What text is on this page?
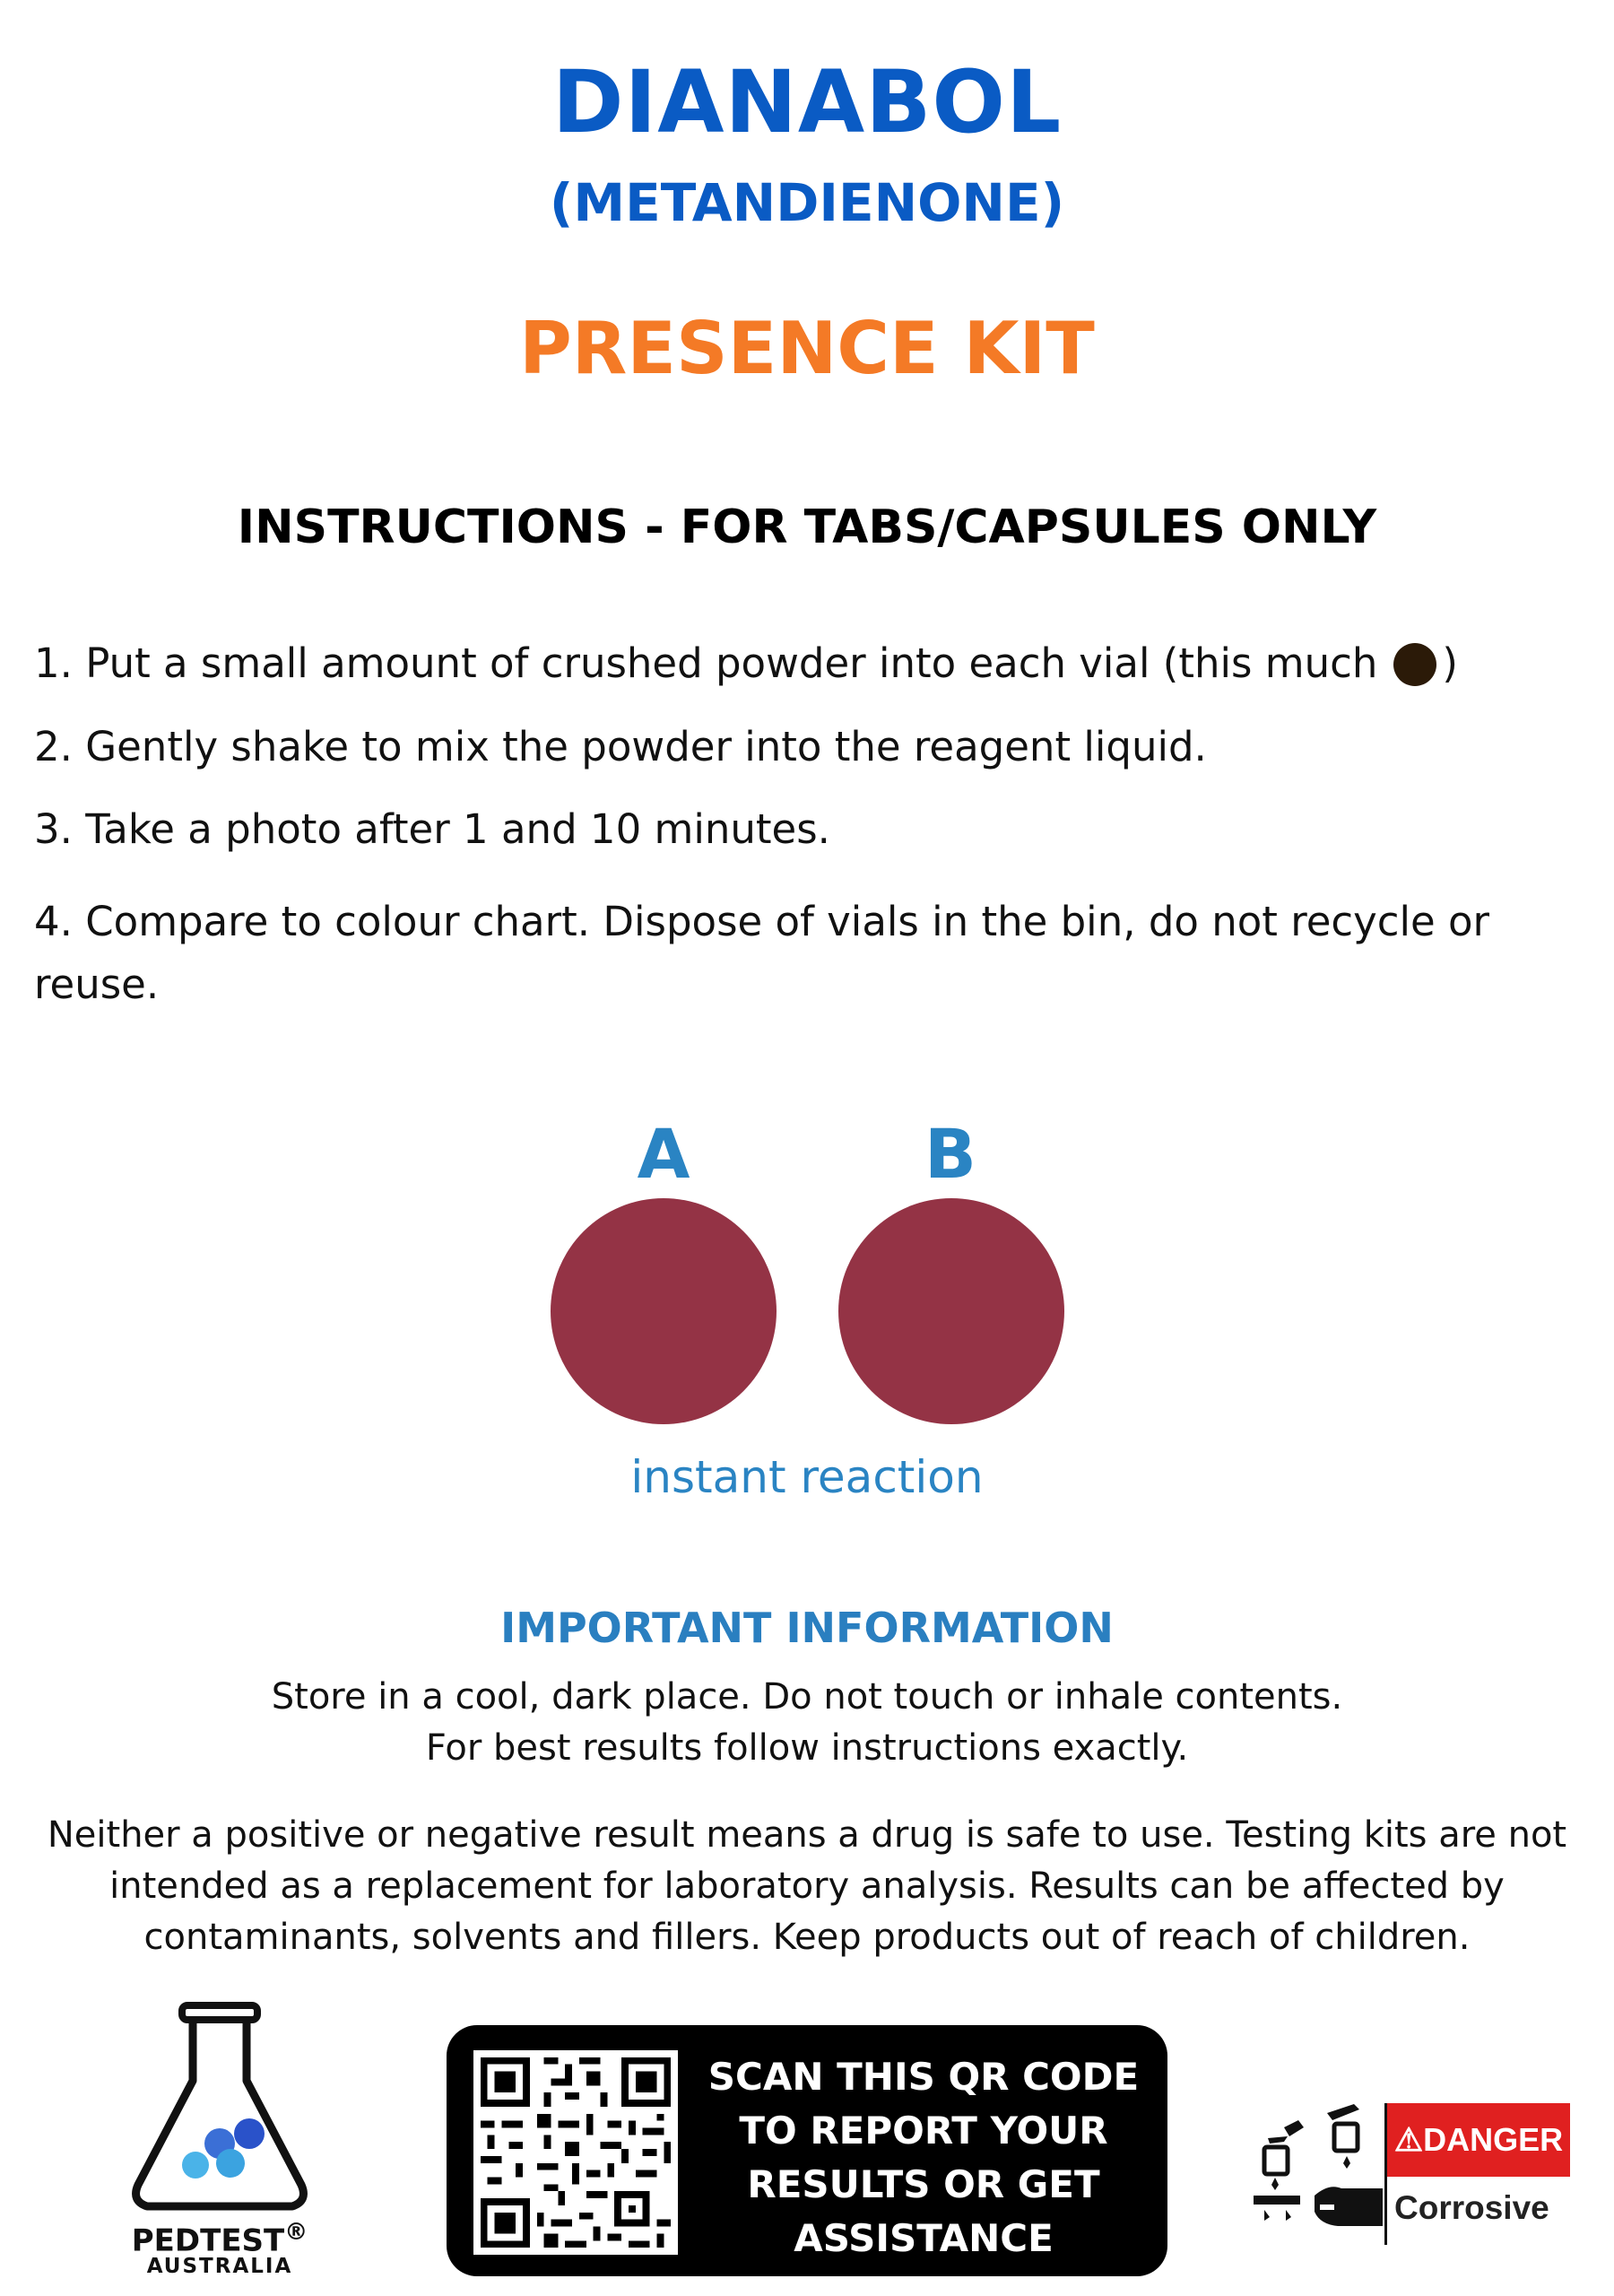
DIANABOL
(METANDIENONE)
PRESENCE KIT
INSTRUCTIONS - FOR TABS/CAPSULES ONLY
1. Put a small amount of crushed powder into each vial (this much )
2. Gently shake to mix the powder into the reagent liquid.
3. Take a photo after 1 and 10 minutes.
4. Compare to colour chart. Dispose of vials in the bin, do not recycle or reuse.
A	B
instant reaction
IMPORTANT INFORMATION
Store in a cool, dark place. Do not touch or inhale contents.
For best results follow instructions exactly.
Neither a positive or negative result means a drug is safe to use. Testing kits are not intended as a replacement for laboratory analysis. Results can be affected by contaminants, solvents and fillers. Keep products out of reach of children.
PEDTEST®
AUSTRALIA
SCAN THIS QR CODE TO REPORT YOUR RESULTS OR GET ASSISTANCE
⚠DANGER
Corrosive
